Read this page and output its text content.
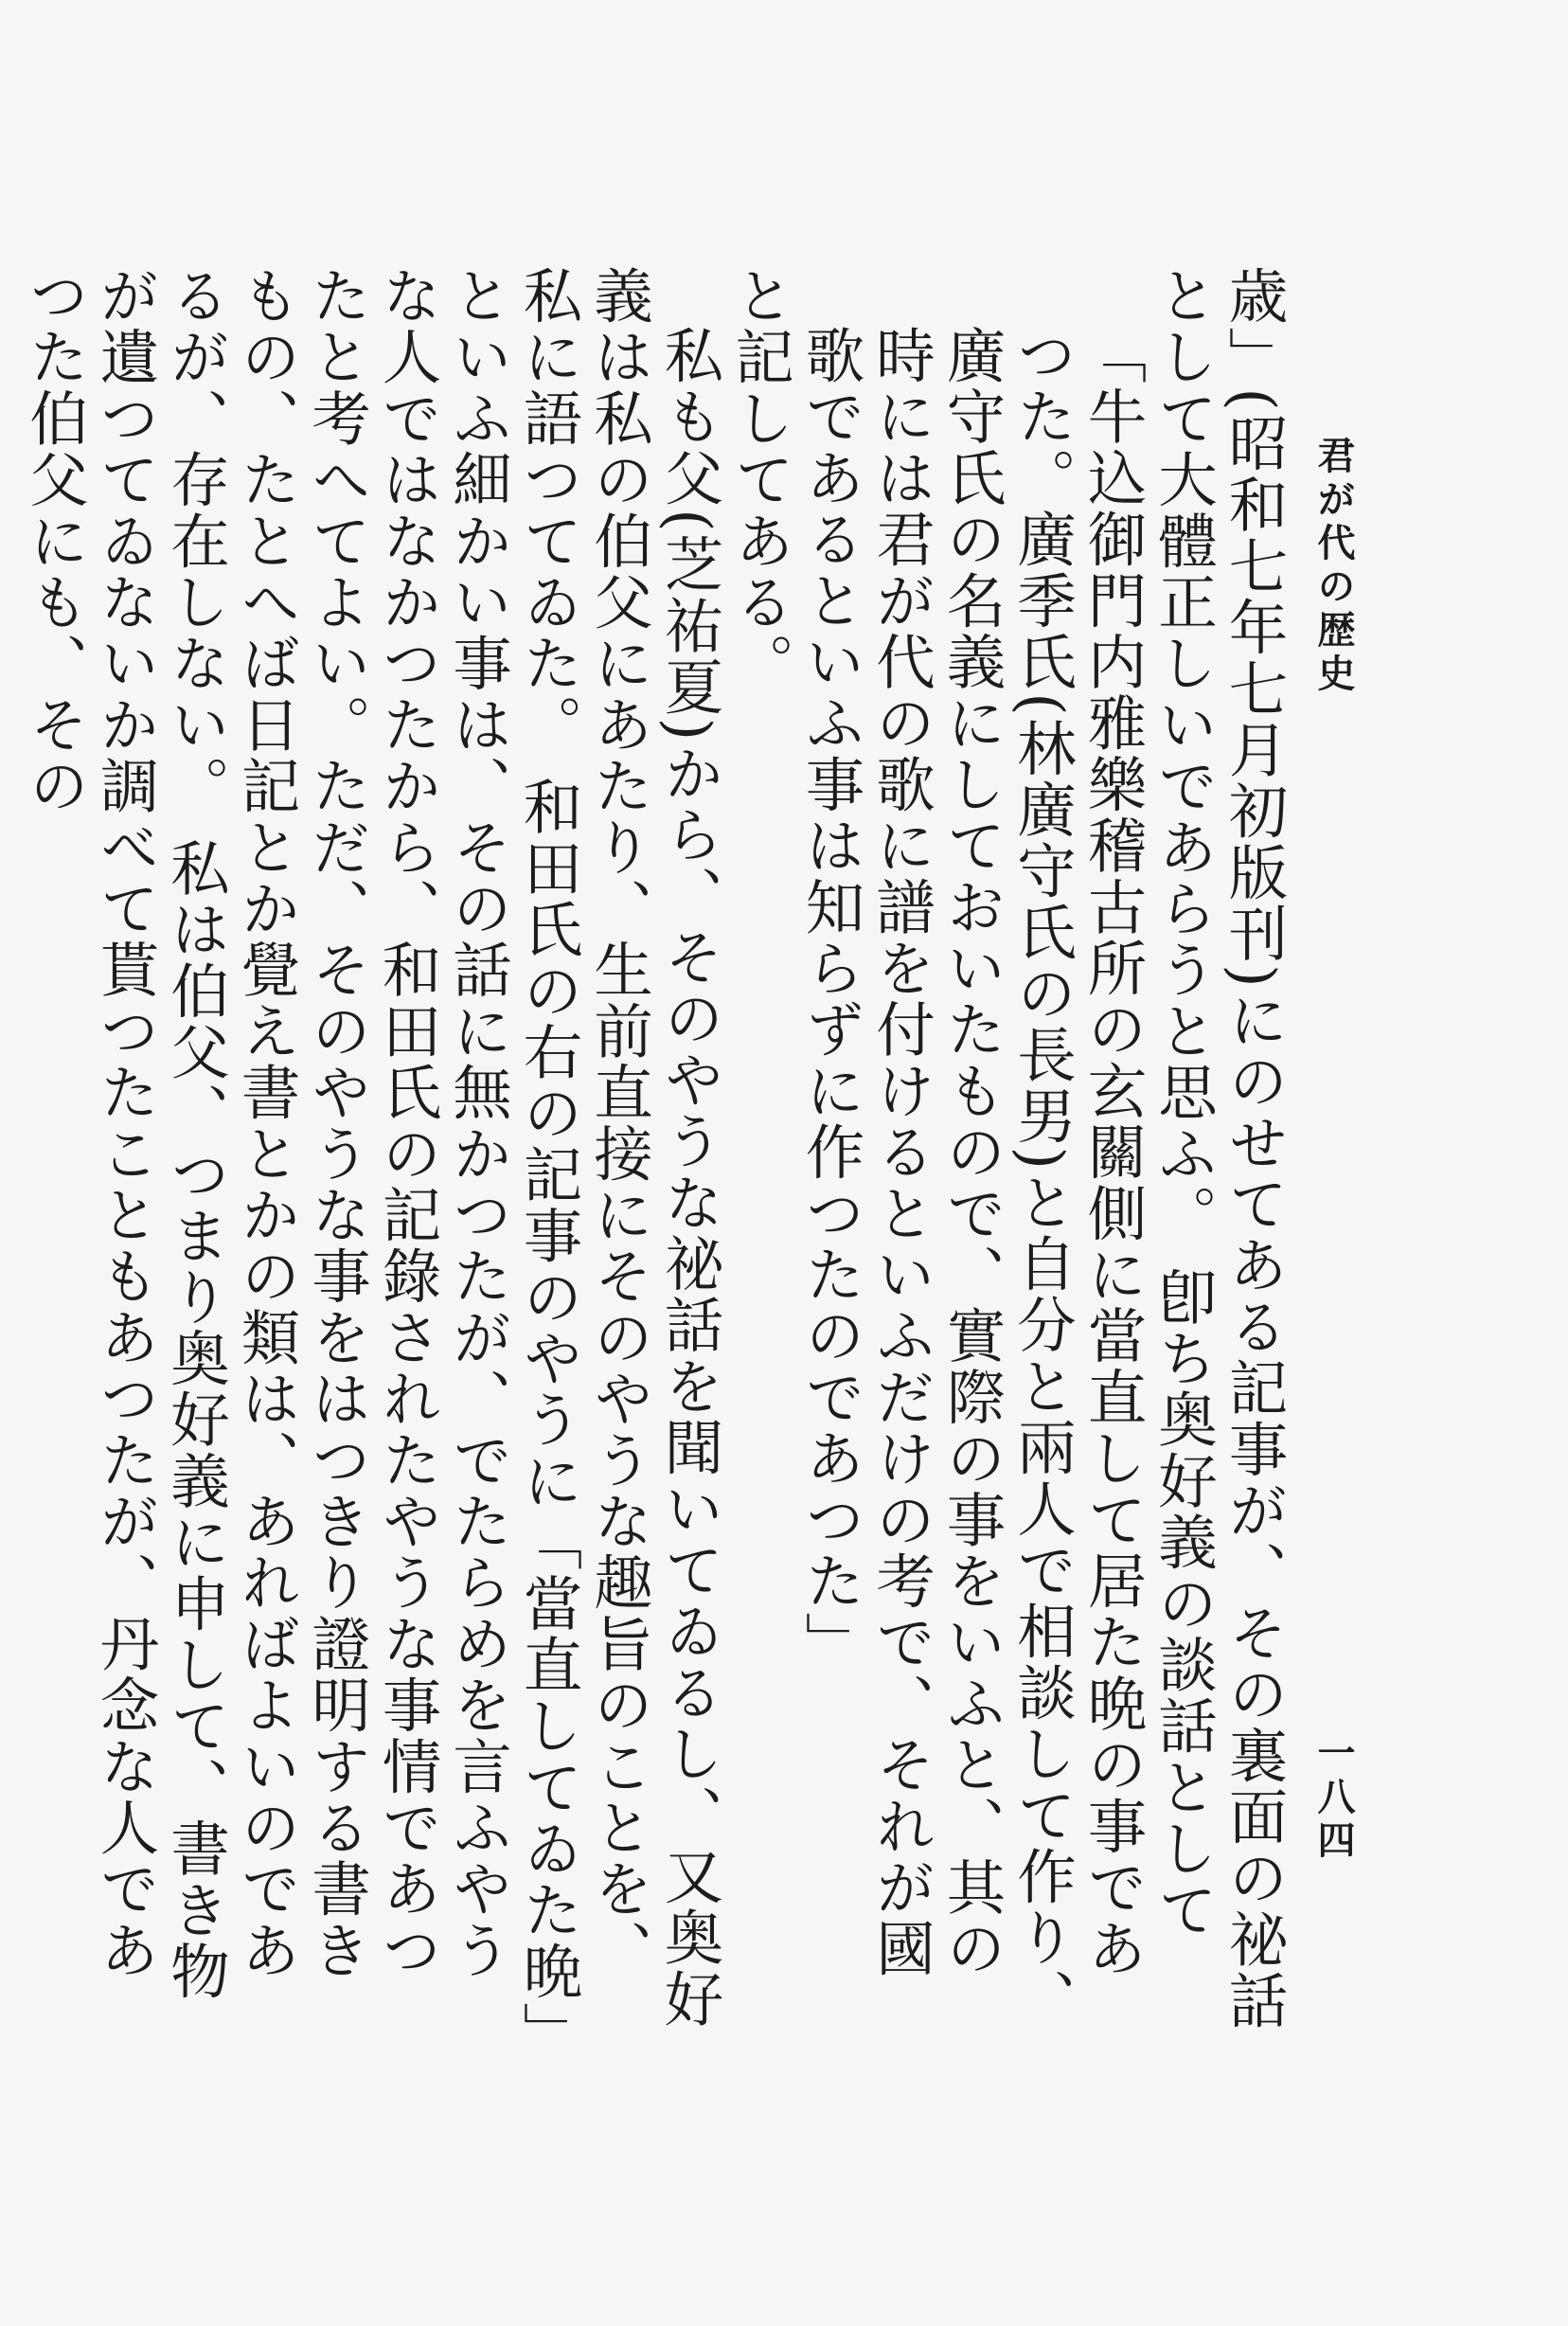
君が代の歴史
一八四

歳」(昭和七年七月初版刊)にのせてある記事が、その裏面の祕話として大體正しいであらうと思ふ。 卽ち奥好義の談話として

「牛込御門内雅樂稽古所の玄關側に當直して居た晩の事であつた。廣季氏(林廣守氏の長男)と自分と兩人で相談して作り、廣守氏の名義にしておいたもので、實際の事をいふと、其の時には君が代の歌に譜を付けるといふだけの考で、それが國歌であるといふ事は知らずに作つたのであつた」

と記してある。

私も父(芝祐夏)から、そのやうな祕話を聞いてゐるし、又奥好義は私の伯父にあたり、生前直接にそのやうな趣旨のことを、私に語つてゐた。 和田氏の右の記事のやうに「當直してゐた晩」といふ細かい事は、その話に無かつたが、でたらめを言ふやうな人ではなかつたから、和田氏の記錄されたやうな事情であつたと考へてよい。ただ、そのやうな事をはつきり證明する書きもの、たとへば日記とか覺え書とかの類は、あればよいのであるが、存在しない。 私は伯父、つまり奥好義に申して、書き物が遺つてゐないか調べて貰つたこともあつたが、丹念な人であつた伯父にも、その
